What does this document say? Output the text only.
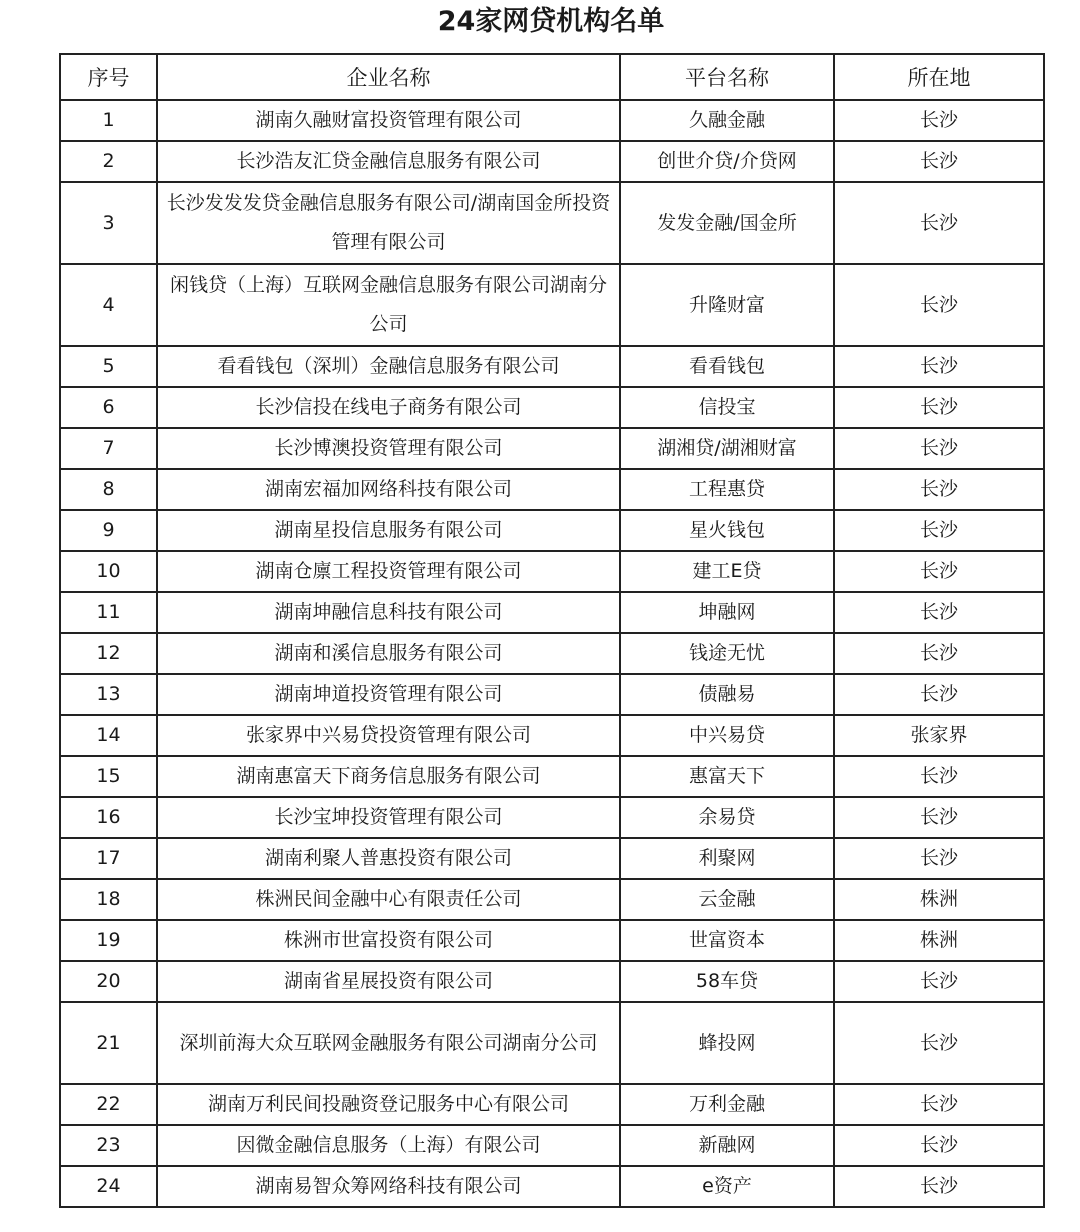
24家网贷机构名单
序号	企业名称	平台名称	所在地
1	湖南久融财富投资管理有限公司	久融金融	长沙
2	长沙浩友汇贷金融信息服务有限公司	创世介贷/介贷网	长沙
3	长沙发发发贷金融信息服务有限公司/湖南国金所投资管理有限公司	发发金融/国金所	长沙
4	闲钱贷（上海）互联网金融信息服务有限公司湖南分公司	升隆财富	长沙
5	看看钱包（深圳）金融信息服务有限公司	看看钱包	长沙
6	长沙信投在线电子商务有限公司	信投宝	长沙
7	长沙博澳投资管理有限公司	湖湘贷/湖湘财富	长沙
8	湖南宏福加网络科技有限公司	工程惠贷	长沙
9	湖南星投信息服务有限公司	星火钱包	长沙
10	湖南仓廪工程投资管理有限公司	建工E贷	长沙
11	湖南坤融信息科技有限公司	坤融网	长沙
12	湖南和溪信息服务有限公司	钱途无忧	长沙
13	湖南坤道投资管理有限公司	债融易	长沙
14	张家界中兴易贷投资管理有限公司	中兴易贷	张家界
15	湖南惠富天下商务信息服务有限公司	惠富天下	长沙
16	长沙宝坤投资管理有限公司	余易贷	长沙
17	湖南利聚人普惠投资有限公司	利聚网	长沙
18	株洲民间金融中心有限责任公司	云金融	株洲
19	株洲市世富投资有限公司	世富资本	株洲
20	湖南省星展投资有限公司	58车贷	长沙
21	深圳前海大众互联网金融服务有限公司湖南分公司	蜂投网	长沙
22	湖南万利民间投融资登记服务中心有限公司	万利金融	长沙
23	因微金融信息服务（上海）有限公司	新融网	长沙
24	湖南易智众筹网络科技有限公司	e资产	长沙
